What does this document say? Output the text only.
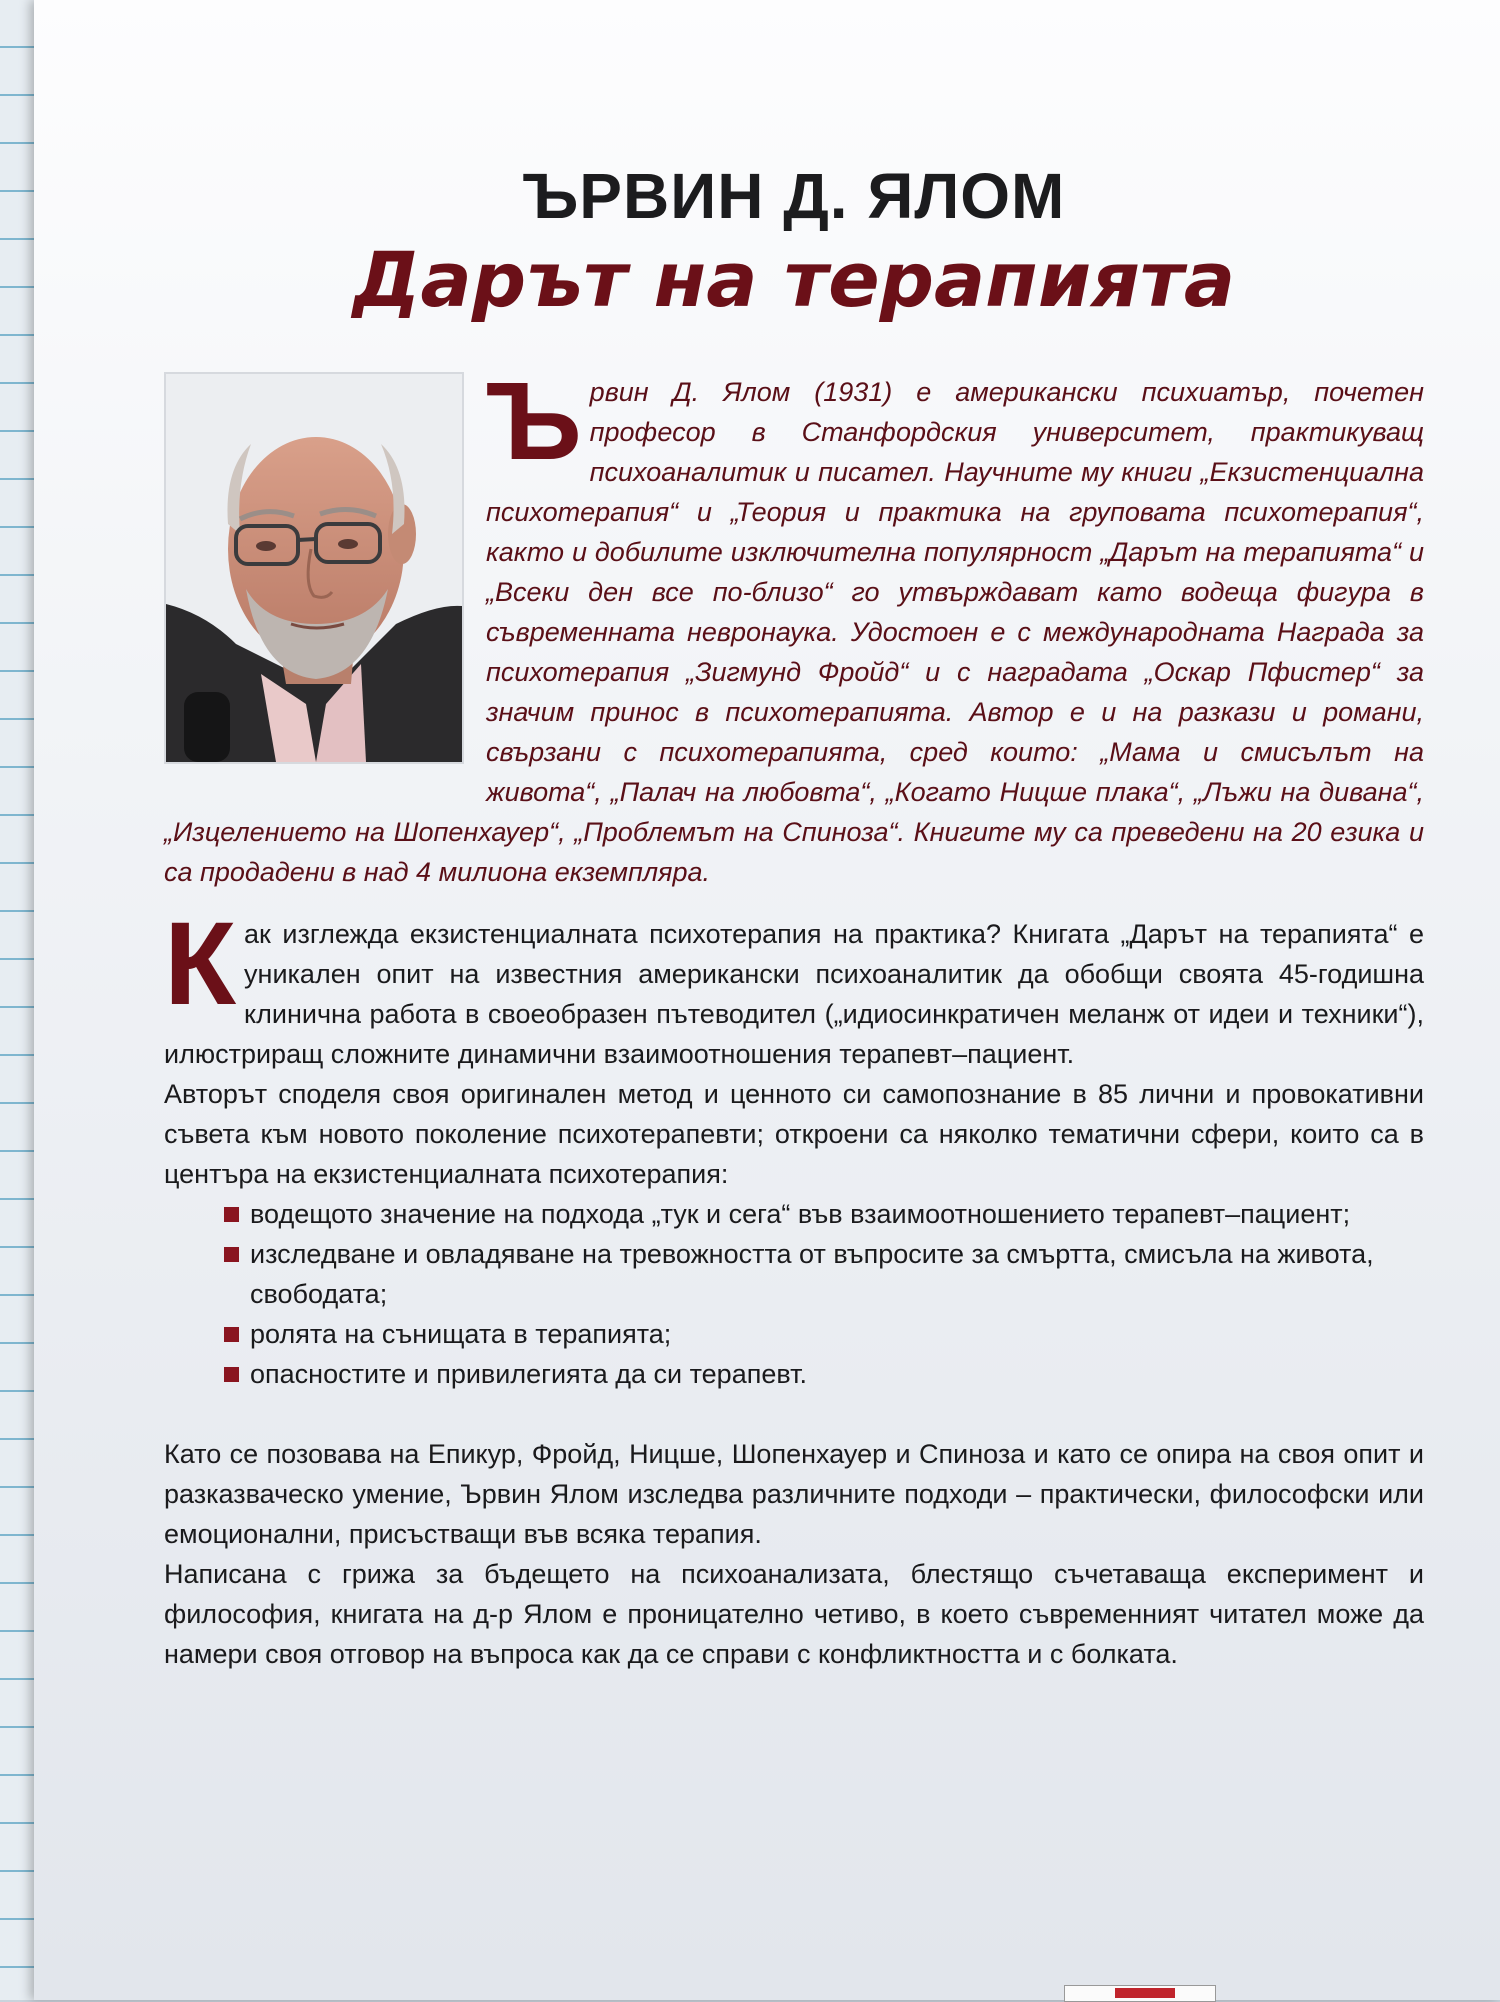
ЪРВИН Д. ЯЛОМ
Дарът на терапията
Ъ рвин Д. Ялом (1931) е американски психиатър, почетен професор в Станфордския университет, практикуващ психоаналитик и писател. Научните му книги „Екзистенциална психотерапия“ и „Теория и практика на груповата психотерапия“, както и добилите изключителна популярност „Дарът на терапията“ и „Всеки ден все по-близо“ го утвърждават като водеща фигура в съвременната невронаука. Удостоен е с международната Награда за психотерапия „Зигмунд Фройд“ и с наградата „Оскар Пфистер“ за значим принос в психотерапията. Автор е и на разкази и романи, свързани с психотерапията, сред които: „Мама и смисълът на живота“, „Палач на любовта“, „Когато Ницше плака“, „Лъжи на дивана“, „Изцелението на Шопенхауер“, „Проблемът на Спиноза“. Книгите му са преведени на 20 езика и са продадени в над 4 милиона екземпляра.

Как изглежда екзистенциалната психотерапия на практика? Книгата „Дарът на терапията“ е уникален опит на известния американски психоаналитик да обобщи своята 45-годишна клинична работа в своеобразен пътеводител („идиосинкратичен меланж от идеи и техники“), илюстриращ сложните динамични взаимоотношения терапевт–пациент.

Авторът споделя своя оригинален метод и ценното си самопознание в 85 лични и провокативни съвета към новото поколение психотерапевти; откроени са няколко тематични сфери, които са в центъра на екзистенциалната психотерапия:

водещото значение на подхода „тук и сега“ във взаимоотношението терапевт–пациент;
изследване и овладяване на тревожността от въпросите за смъртта, смисъла на живота, свободата;
ролята на сънищата в терапията;
опасностите и привилегията да си терапевт.

Като се позовава на Епикур, Фройд, Ницше, Шопенхауер и Спиноза и като се опира на своя опит и разказваческо умение, Ървин Ялом изследва различните подходи – практически, философски или емоционални, присъстващи във всяка терапия.

Написана с грижа за бъдещето на психоанализата, блестящо съчетаваща експеримент и философия, книгата на д-р Ялом е проницателно четиво, в което съвременният читател може да намери своя отговор на въпроса как да се справи с конфликтността и с болката.
